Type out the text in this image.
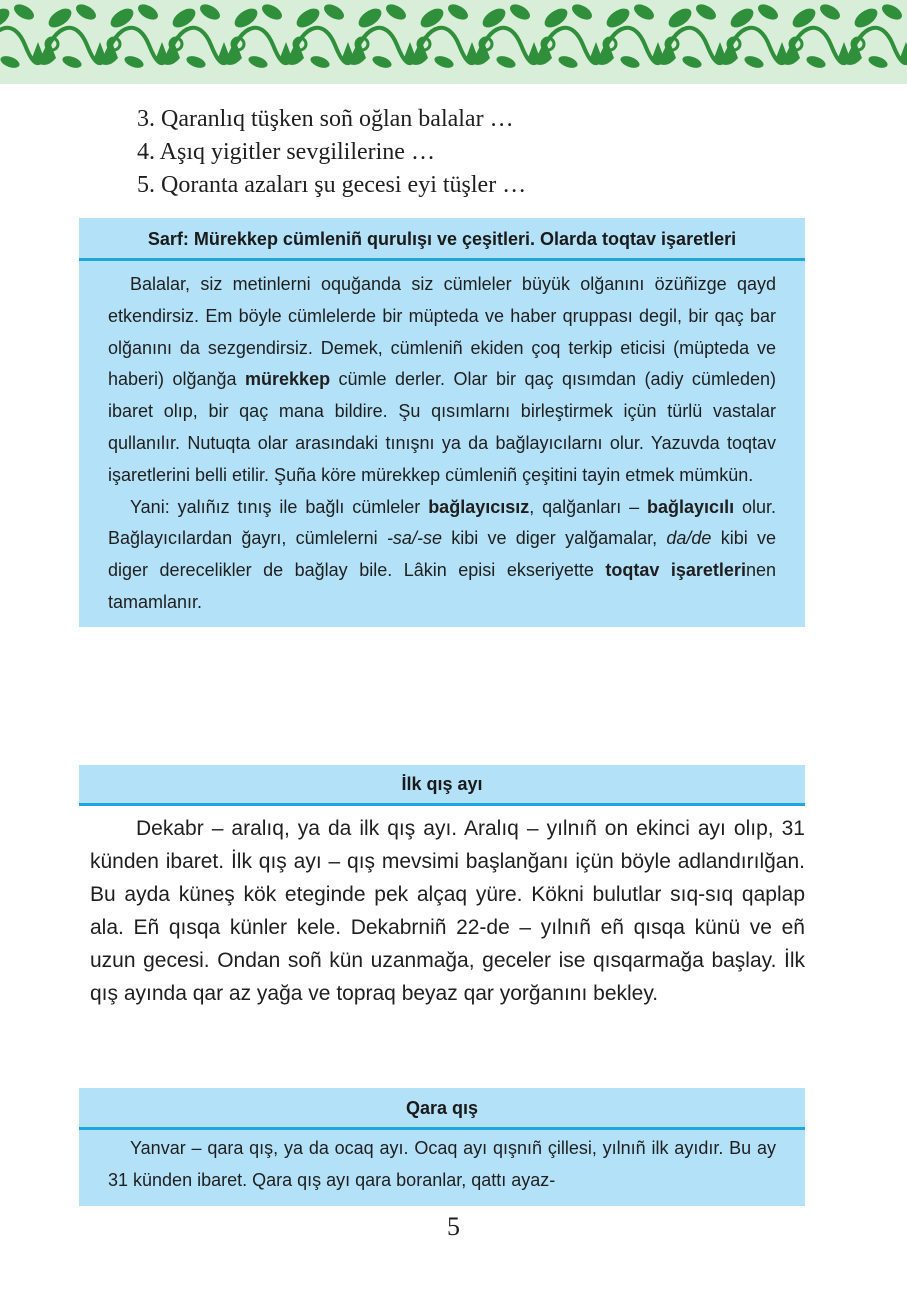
3. Qaranlıq tüşken soñ oğlan balalar …
4. Aşıq yigitler sevgililerine …
5. Qoranta azaları şu gecesi eyi tüşler …
Sarf: Mürekkep cümleniñ qurulışı ve çeşitleri. Olarda toqtav işaretleri

Balalar, siz metinlerni oquğanda siz cümleler büyük olğanını özüñizge qayd etkendirsiz. Em böyle cümlelerde bir müpteda ve haber qruppası degil, bir qaç bar olğanını da sezgendirsiz. Demek, cümleniñ ekiden çoq terkip eticisi (müpteda ve haberi) olğanğa mürekkep cümle derler. Olar bir qaç qısımdan (adiy cümleden) ibaret olıp, bir qaç mana bildire. Şu qısımlarnı birleştirmek içün türlü vastalar qullanılır. Nutuqta olar arasındaki tınışnı ya da bağlayıcılarnı olur. Yazuvda toqtav işaretlerini belli etilir. Şuña köre mürekkep cümleniñ çeşitini tayin etmek mümkün.

Yani: yalıñız tınış ile bağlı cümleler bağlayıcısız, qalğanları – bağlayıcılı olur. Bağlayıcılardan ğayrı, cümlelerni -sa/-se kibi ve diger yalğamalar, da/de kibi ve diger derecelikler de bağlay bile. Lâkin episi ekseriyette toqtav işaretlerinen tamamlanır.

İlk qış ayı

Dekabr – aralıq, ya da ilk qış ayı. Aralıq – yılnıñ on ekinci ayı olıp, 31 künden ibaret. İlk qış ayı – qış mevsimi başlanğanı içün böyle adlandırılğan. Bu ayda küneş kök eteginde pek alçaq yüre. Kökni bulutlar sıq-sıq qaplap ala. Eñ qısqa künler kele. Dekabrniñ 22-de – yılnıñ eñ qısqa künü ve eñ uzun gecesi. Ondan soñ kün uzanmağa, geceler ise qısqarmağa başlay. İlk qış ayında qar az yağa ve topraq beyaz qar yorğanını bekley.

Qara qış

Yanvar – qara qış, ya da ocaq ayı. Ocaq ayı qışnıñ çillesi, yılnıñ ilk ayıdır. Bu ay 31 künden ibaret. Qara qış ayı qara boranlar, qattı ayaz-

5
